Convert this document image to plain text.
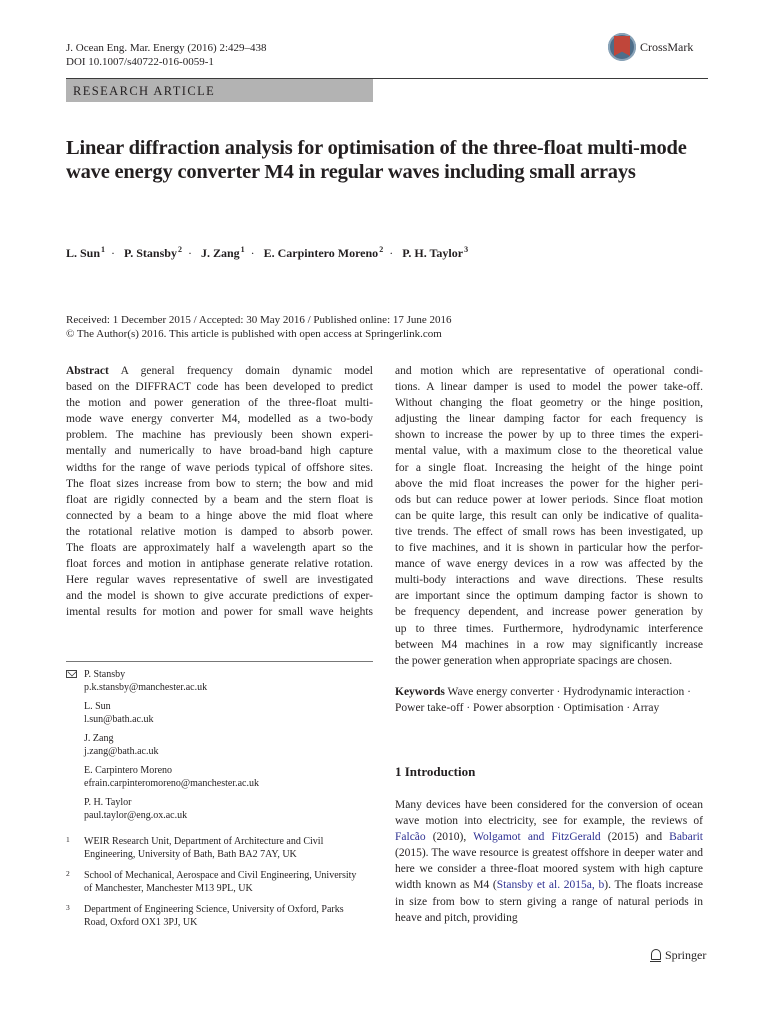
J. Ocean Eng. Mar. Energy (2016) 2:429–438
DOI 10.1007/s40722-016-0059-1
CrossMark
RESEARCH ARTICLE
Linear diffraction analysis for optimisation of the three-float multi-mode wave energy converter M4 in regular waves including small arrays
L. Sun$^1$ · P. Stansby$^2$ · J. Zang$^1$ · E. Carpintero Moreno$^2$ · P. H. Taylor$^3$
Received: 1 December 2015 / Accepted: 30 May 2016 / Published online: 17 June 2016
© The Author(s) 2016. This article is published with open access at Springerlink.com
Abstract A general frequency domain dynamic model
based on the DIFFRACT code has been developed to predict
the motion and power generation of the three-float multi-
mode wave energy converter M4, modelled as a two-body
problem. The machine has previously been shown experi-
mentally and numerically to have broad-band high capture
widths for the range of wave periods typical of offshore sites.
The float sizes increase from bow to stern; the bow and mid
float are rigidly connected by a beam and the stern float is
connected by a beam to a hinge above the mid float where
the rotational relative motion is damped to absorb power.
The floats are approximately half a wavelength apart so the
float forces and motion in antiphase generate relative rotation.
Here regular waves representative of swell are investigated
and the model is shown to give accurate predictions of exper-
imental results for motion and power for small wave heights
and motion which are representative of operational condi-
tions. A linear damper is used to model the power take-off.
Without changing the float geometry or the hinge position,
adjusting the linear damping factor for each frequency is
shown to increase the power by up to three times the experi-
mental value, with a maximum close to the theoretical value
for a single float. Increasing the height of the hinge point
above the mid float increases the power for the higher peri-
ods but can reduce power at lower periods. Since float motion
can be quite large, this result can only be indicative of qualita-
tive trends. The effect of small rows has been investigated, up
to five machines, and it is shown in particular how the perfor-
mance of wave energy devices in a row was affected by the
multi-body interactions and wave directions. These results
are important since the optimum damping factor is shown to
be frequency dependent, and increase power generation by
up to three times. Furthermore, hydrodynamic interference
between M4 machines in a row may significantly increase
the power generation when appropriate spacings are chosen.
P. Stansby
p.k.stansby@manchester.ac.uk
L. Sun
l.sun@bath.ac.uk
J. Zang
j.zang@bath.ac.uk
E. Carpintero Moreno
efrain.carpinteromoreno@manchester.ac.uk
P. H. Taylor
paul.taylor@eng.ox.ac.uk
1 WEIR Research Unit, Department of Architecture and Civil Engineering, University of Bath, Bath BA2 7AY, UK
2 School of Mechanical, Aerospace and Civil Engineering, University of Manchester, Manchester M13 9PL, UK
3 Department of Engineering Science, University of Oxford, Parks Road, Oxford OX1 3PJ, UK
Keywords Wave energy converter · Hydrodynamic interaction · Power take-off · Power absorption · Optimisation · Array
1 Introduction
Many devices have been considered for the conversion of ocean wave motion into electricity, see for example, the reviews of Falcão (2010), Wolgamot and FitzGerald (2015) and Babarit (2015). The wave resource is greatest offshore in deeper water and here we consider a three-float moored system with high capture width known as M4 (Stansby et al. 2015a, b). The floats increase in size from bow to stern giving a range of natural periods in heave and pitch, providing
Springer
